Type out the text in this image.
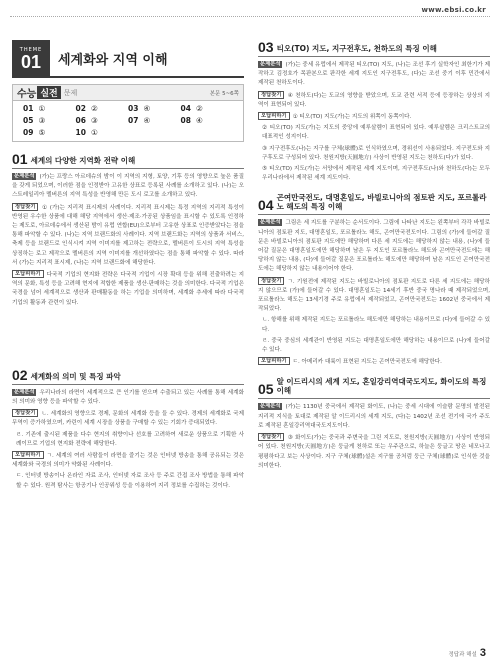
www.ebsi.co.kr
THEME
01	세계화와 지역 이해
수능 실전 문제	본문 5~6쪽
01 ①	02 ②	03 ④	04 ②
05 ③	06 ③	07 ④	08 ④
09 ⑤	10 ①
01 세계의 다양한 지역화 전략 이해

문제분석 (가)는 프랑스 아르데슈의 밤이 이 지역의 지형, 토양, 기후 등의 영향으로 높은 품질을 갖게 되었으며, 이러한 점을 인정받아 고유한 상표로 등록된 사례를 소개하고 있다. (나)는 오스트레일리아 멜버른의 지역 특성을 반영해 만든 도시 로고를 소개하고 있다.

정답찾기 ① (가)는 지리적 표시제의 사례이다. 지리적 표시제는 특정 지역의 지리적 특성이 반영된 우수한 상품에 대해 해당 지역에서 생산·제조·가공된 상품임을 표시할 수 있도록 인정하는 제도로, 아르데슈에서 생산된 밤이 유럽 연합(EU)으로부터 고유한 상표로 인증받았다는 점을 통해 파악할 수 있다. (나)는 지역 브랜드화의 사례이다. 지역 브랜드화는 지역의 상품과 서비스, 축제 등을 브랜드로 인식시켜 지역 이미지를 제고하는 전략으로, 멜버른이 도시의 지역 특성을 상징하는 로고 제작으로 멜버른의 지역 이미지를 개선하였다는 점을 통해 파악할 수 있다. 따라서 (가)는 지리적 표시제, (나)는 지역 브랜드화에 해당한다.

오답피하기 다국적 기업의 현지화 전략은 다국적 기업이 시장 확대 등을 위해 진출하려는 지역의 문화, 특성 등을 고려해 현지에 적합한 제품을 생산·판매하는 것을 의미한다. 다국적 기업은 국경을 넘어 세계적으로 생산과 판매활동을 하는 기업을 의미하며, 세계화 추세에 따라 다국적 기업의 활동과 관련이 있다.

02 세계화의 의미 및 특징 파악

문제분석 우리나라의 라면이 세계적으로 큰 인기를 얻으며 수출되고 있는 사례를 통해 세계화의 의미와 영향 등을 파악할 수 있다.

정답찾기 ㄴ. 세계화의 영향으로 경제, 문화의 세계화 등을 들 수 있다. 경제의 세계화로 국제 무역이 증가하였으며, 카린이 세계 시장을 상품을 구매할 수 있는 기회가 증대되었다.

ㄹ. 기존에 출시된 제품을 다수 현지의 취향이나 선호를 고려하여 새로운 상품으로 기획한 사례이므로 기업의 현지화 전략에 해당한다.

오답피하기 ㄱ. 세계의 여러 사람들이 라면을 즐기는 것은 인터넷 방송을 통해 공유되는 것은 세계화와 국경의 의미가 약화된 사례이다.

ㄷ. 인터넷 방송이나 온라인 자료 조사, 인터넷 자료 조사 등 주로 간접 조사 방법을 통해 파악할 수 있다. 원격 탐사는 항공기나 인공위성 등을 이용하여 지리 정보를 수집하는 것이다.

03 티오(TO) 지도, 지구전후도, 천하도의 특징 이해

문제분석 (가)는 중세 유럽에서 제작된 티오(TO) 지도, (나)는 조선 후기 실학자인 최한기가 제작하고 김정호가 목판본으로 판각한 세계 지도인 지구전후도, (다)는 조선 중기 이후 민간에서 제작된 천하도이다.

정답찾기 ④ 천하도(다)는 도교의 영향을 받았으며, 도교 관련 서적 등에 등장하는 상상의 지역이 표현되어 있다.

오답피하기 ① 티오(TO) 지도(가)는 지도의 위쪽이 동쪽이다.

② 티오(TO) 지도(가)는 지도의 중앙에 예루살렘이 표현되어 있다. 예루살렘은 크리스트교의 대표적인 성지이다.

③ 지구전후도(나)는 지구를 구체(球體)로 인식하였으며, 경위선이 사용되었다. 지구전도와 지구후도로 구성되어 있다. 천원지방(天圓地方) 사상이 반영된 지도는 천하도(다)가 있다.

⑤ 티오(TO) 지도(가)는 서양에서 제작된 세계 지도이며, 지구전후도(나)와 천하도(다)는 모두 우리나라에서 제작된 세계 지도이다.

04 곤여만국전도, 대명혼일도, 바빌로니아의 점토판 지도, 포르톨라노 해도의 특징 이해

문제분석 그림은 세 지도를 구분하는 순서도이다. 그림에 나타난 지도는 왼쪽부터 각각 바빌로니아의 점토판 지도, 대명혼일도, 포르톨라노 해도, 곤여만국전도이다. 그림의 (가)에 들어갈 질문은 바빌로니아의 점토판 지도에만 해당하며 다른 세 지도에는 해당하지 않는 내용, (나)에 들어갈 질문은 대명혼일도에만 해당하며 남은 두 지도인 포르톨라노 해도와 곤여만국전도에는 해당하지 않는 내용, (다)에 들어갈 질문은 포르톨라노 해도에만 해당하며 남은 지도인 곤여만국전도에는 해당하지 않는 내용이어야 한다.

정답찾기 ㄱ. 기원전에 제작된 지도는 바빌로니아의 점토판 지도로 다른 세 지도에는 해당하지 않으므로 (가)에 들어갈 수 있다. 대명혼일도는 14세기 후반 중국 명나라 때 제작되었으며, 포르톨라노 해도는 13세기경 주로 유럽에서 제작되었고, 곤여만국전도는 1602년 중국에서 제작되었다.

ㄴ. 항해를 위해 제작된 지도는 포르톨라노 해도에만 해당하는 내용이므로 (다)에 들어갈 수 있다.

ㄹ. 중국 중심의 세계관이 반영된 지도는 대명혼일도에만 해당하는 내용이므로 (나)에 들어갈 수 있다.

오답피하기 ㄷ. 아메리카 대륙이 표현된 지도는 곤여만국전도에 해당한다.

05 알 이드리시의 세계 지도, 혼일강리역대국도지도, 화이도의 특징 이해

문제분석 (가)는 1130년 중국에서 제작된 화이도, (나)는 중세 시대에 이슬람 문명의 발전된 지리적 지식을 토대로 제작된 알 이드리시의 세계 지도, (다)는 1402년 조선 전기에 국가 주도로 제작된 혼일강리역대국도지도이다.

정답찾기 ③ 화이도(가)는 중국과 주변국을 그린 지도로, 천원지방(天圓地方) 사상이 반영되어 있다. 천원지방(天圓地方)은 둥글게 천하로 또는 우주관으로, 하늘은 둥글고 땅은 네모나고 평평하다고 보는 사상이다. 지구 구체(球體)설은 지구를 공처럼 둥근 구체(球體)로 인식한 것을 의미한다.

정답과 해설 3
